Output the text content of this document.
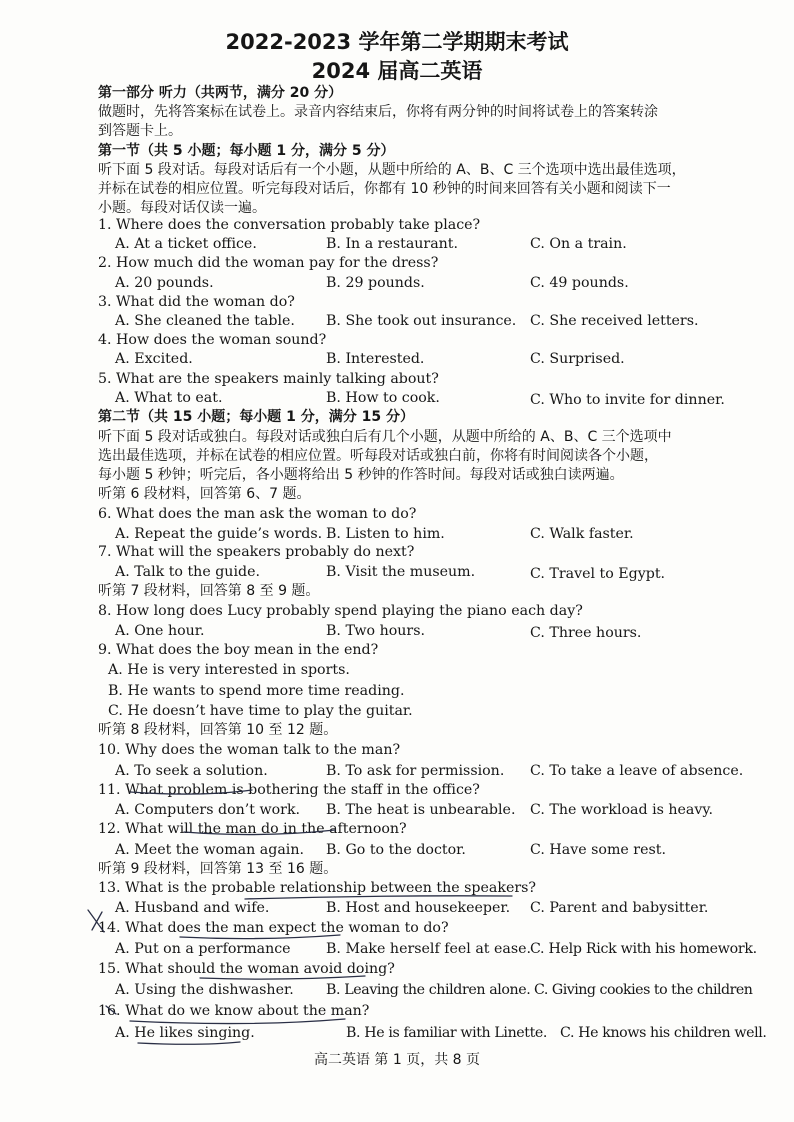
2022-2023 学年第二学期期末考试
2024 届高二英语
第一部分 听力（共两节，满分 20 分）
做题时，先将答案标在试卷上。录音内容结束后，你将有两分钟的时间将试卷上的答案转涂
到答题卡上。
第一节（共 5 小题；每小题 1 分，满分 5 分）
听下面 5 段对话。每段对话后有一个小题，从题中所给的 A、B、C 三个选项中选出最佳选项，
并标在试卷的相应位置。听完每段对话后，你都有 10 秒钟的时间来回答有关小题和阅读下一
小题。每段对话仅读一遍。
1. Where does the conversation probably take place?
A. At a ticket office.	B. In a restaurant.	C. On a train.
2. How much did the woman pay for the dress?
A. 20 pounds.	B. 29 pounds.	C. 49 pounds.
3. What did the woman do?
A. She cleaned the table. B. She took out insurance. C. She received letters.
4. How does the woman sound?
A. Excited.	B. Interested.	C. Surprised.
5. What are the speakers mainly talking about?
A. What to eat.	B. How to cook.	C. Who to invite for dinner.
第二节（共 15 小题；每小题 1 分，满分 15 分）
听下面 5 段对话或独白。每段对话或独白后有几个小题，从题中所给的 A、B、C 三个选项中
选出最佳选项，并标在试卷的相应位置。听每段对话或独白前，你将有时间阅读各个小题，
每小题 5 秒钟；听完后，各小题将给出 5 秒钟的作答时间。每段对话或独白读两遍。
听第 6 段材料，回答第 6、7 题。
6. What does the man ask the woman to do?
A. Repeat the guide’s words. B. Listen to him.	C. Walk faster.
7. What will the speakers probably do next?
A. Talk to the guide.	B. Visit the museum.	C. Travel to Egypt.
听第 7 段材料，回答第 8 至 9 题。
8. How long does Lucy probably spend playing the piano each day?
A. One hour.	B. Two hours.	C. Three hours.
9. What does the boy mean in the end?
A. He is very interested in sports.
B. He wants to spend more time reading.
C. He doesn’t have time to play the guitar.
听第 8 段材料，回答第 10 至 12 题。
10. Why does the woman talk to the man?
A. To seek a solution.	B. To ask for permission. C. To take a leave of absence.
11. What problem is bothering the staff in the office?
A. Computers don’t work. B. The heat is unbearable. C. The workload is heavy.
12. What will the man do in the afternoon?
A. Meet the woman again. B. Go to the doctor.	C. Have some rest.
听第 9 段材料，回答第 13 至 16 题。
13. What is the probable relationship between the speakers?
A. Husband and wife.	B. Host and housekeeper. C. Parent and babysitter.
14. What does the man expect the woman to do?
A. Put on a performance B. Make herself feel at ease.
C. Help Rick with his homework.
15. What should the woman avoid doing?
A. Using the dishwasher. B. Leaving the children alone. C. Giving cookies to the children
16. What do we know about the man?
A. He likes singing.	B. He is familiar with Linette. C. He knows his children well.
高二英语 第 1 页，共 8 页
